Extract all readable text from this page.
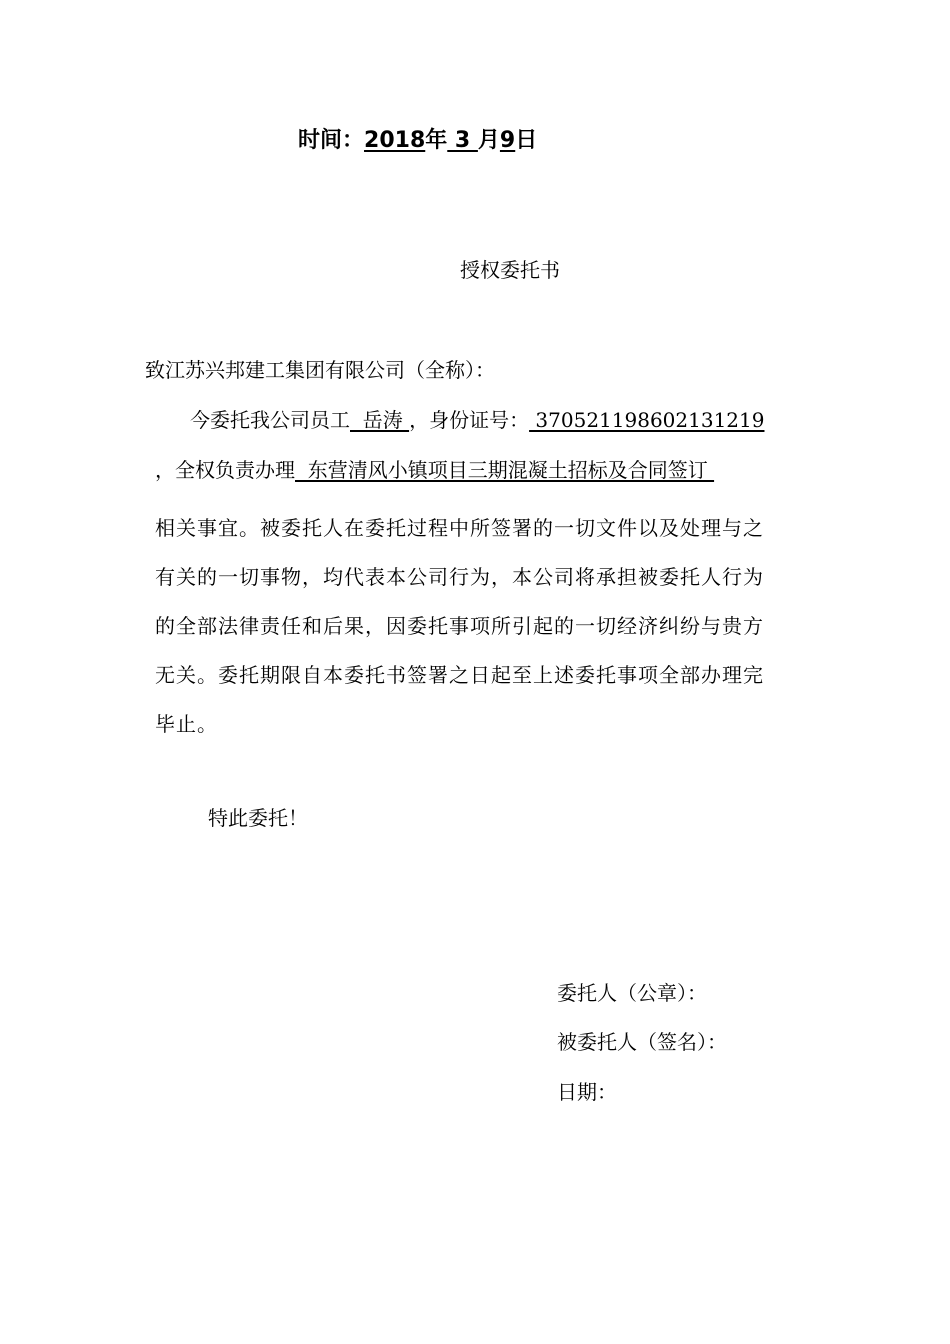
时间：2018年 3 月9日
授权委托书
致江苏兴邦建工集团有限公司（全称）：
今委托我公司员工  岳涛 ，身份证号： 370521198602131219
，全权负责办理  东营清风小镇项目三期混凝土招标及合同签订
相关事宜。被委托人在委托过程中所签署的一切文件以及处理与之
有关的一切事物，均代表本公司行为，本公司将承担被委托人行为
的全部法律责任和后果，因委托事项所引起的一切经济纠纷与贵方
无关。委托期限自本委托书签署之日起至上述委托事项全部办理完
毕止。
特此委托！
委托人（公章）：
被委托人（签名）：
日期：
